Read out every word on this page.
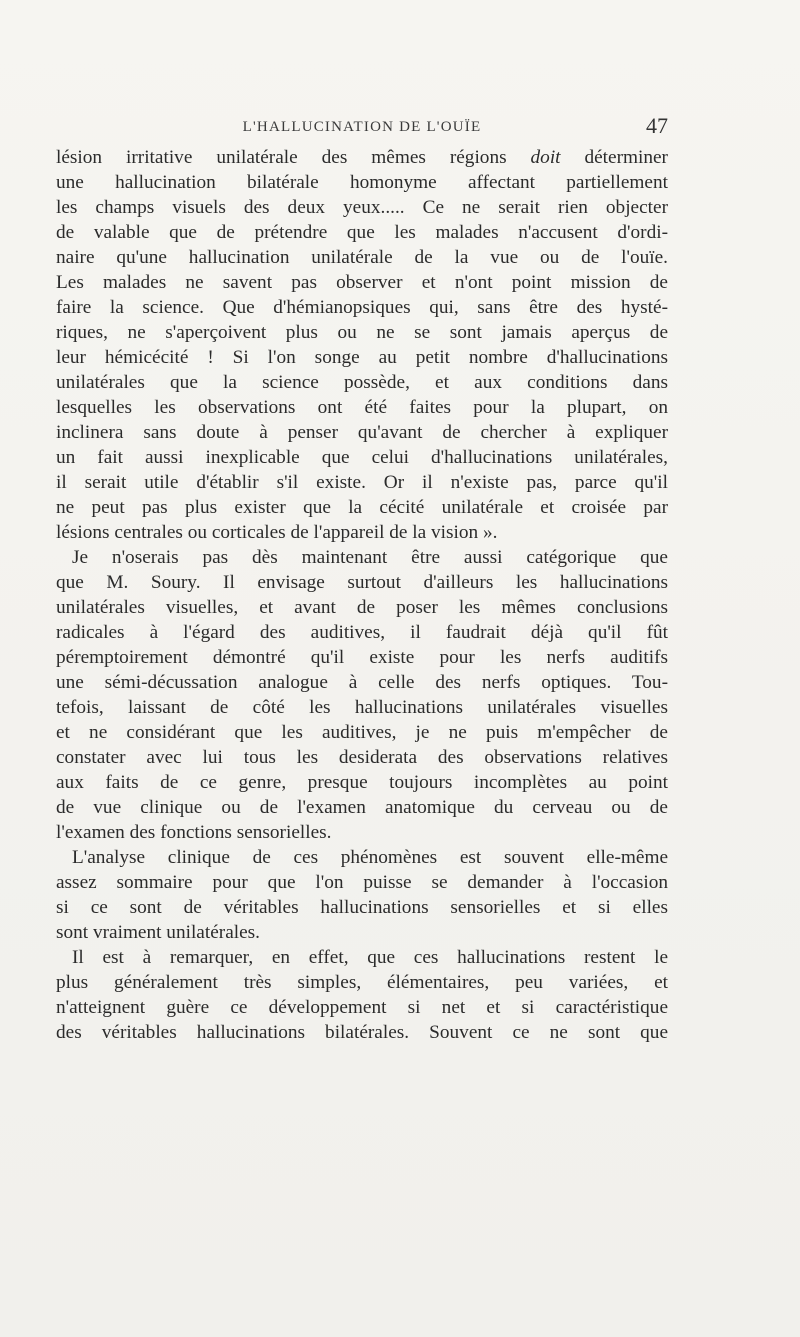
L'HALLUCINATION DE L'OUÏE	47
lésion irritative unilatérale des mêmes régions doit déterminer
une hallucination bilatérale homonyme affectant partiellement
les champs visuels des deux yeux..... Ce ne serait rien objecter
de valable que de prétendre que les malades n'accusent d'ordi-
naire qu'une hallucination unilatérale de la vue ou de l'ouïe.
Les malades ne savent pas observer et n'ont point mission de
faire la science. Que d'hémianopsiques qui, sans être des hysté-
riques, ne s'aperçoivent plus ou ne se sont jamais aperçus de
leur hémicécité ! Si l'on songe au petit nombre d'hallucinations
unilatérales que la science possède, et aux conditions dans
lesquelles les observations ont été faites pour la plupart, on
inclinera sans doute à penser qu'avant de chercher à expliquer
un fait aussi inexplicable que celui d'hallucinations unilatérales,
il serait utile d'établir s'il existe. Or il n'existe pas, parce qu'il
ne peut pas plus exister que la cécité unilatérale et croisée par
lésions centrales ou corticales de l'appareil de la vision ».
Je n'oserais pas dès maintenant être aussi catégorique que
que M. Soury. Il envisage surtout d'ailleurs les hallucinations
unilatérales visuelles, et avant de poser les mêmes conclusions
radicales à l'égard des auditives, il faudrait déjà qu'il fût
péremptoirement démontré qu'il existe pour les nerfs auditifs
une sémi-décussation analogue à celle des nerfs optiques. Tou-
tefois, laissant de côté les hallucinations unilatérales visuelles
et ne considérant que les auditives, je ne puis m'empêcher de
constater avec lui tous les desiderata des observations relatives
aux faits de ce genre, presque toujours incomplètes au point
de vue clinique ou de l'examen anatomique du cerveau ou de
l'examen des fonctions sensorielles.
L'analyse clinique de ces phénomènes est souvent elle-même
assez sommaire pour que l'on puisse se demander à l'occasion
si ce sont de véritables hallucinations sensorielles et si elles
sont vraiment unilatérales.
Il est à remarquer, en effet, que ces hallucinations restent le
plus généralement très simples, élémentaires, peu variées, et
n'atteignent guère ce développement si net et si caractéristique
des véritables hallucinations bilatérales. Souvent ce ne sont que
